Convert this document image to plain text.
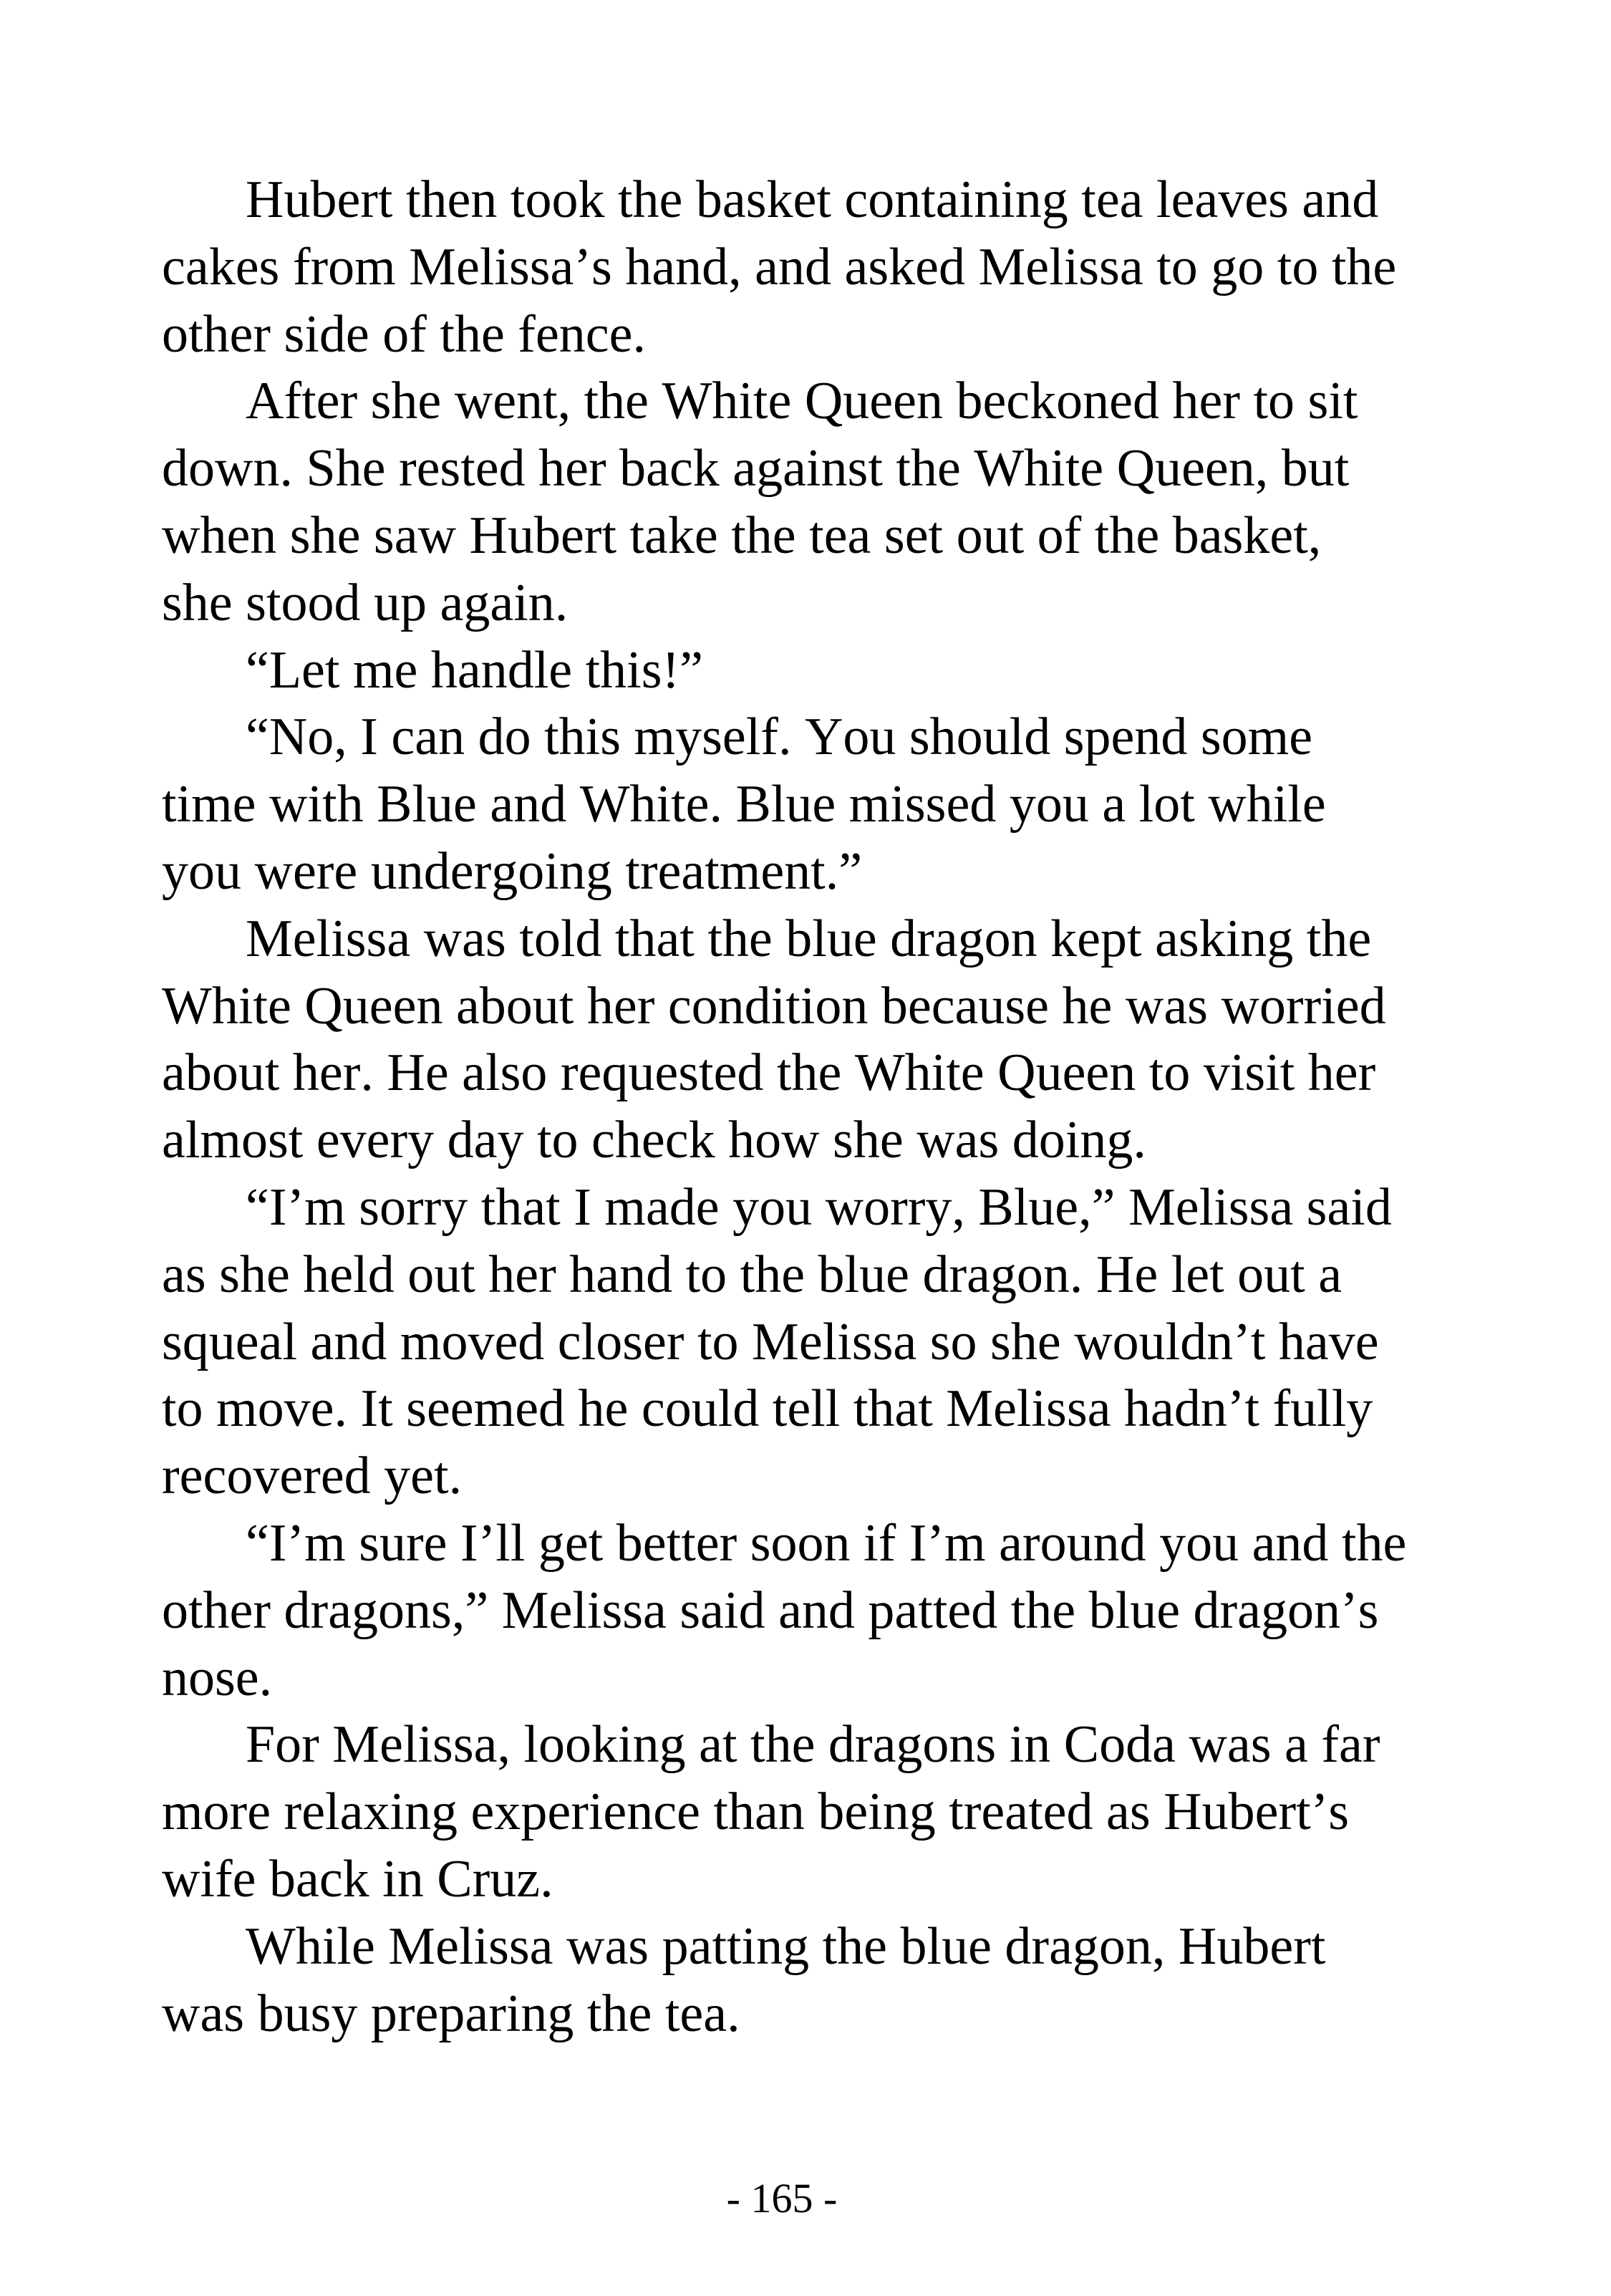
Hubert then took the basket containing tea leaves and
cakes from Melissa’s hand, and asked Melissa to go to the
other side of the fence.

After she went, the White Queen beckoned her to sit
down. She rested her back against the White Queen, but
when she saw Hubert take the tea set out of the basket,
she stood up again.

“Let me handle this!”

“No, I can do this myself. You should spend some
time with Blue and White. Blue missed you a lot while
you were undergoing treatment.”

Melissa was told that the blue dragon kept asking the
White Queen about her condition because he was worried
about her. He also requested the White Queen to visit her
almost every day to check how she was doing.

“I’m sorry that I made you worry, Blue,” Melissa said
as she held out her hand to the blue dragon. He let out a
squeal and moved closer to Melissa so she wouldn’t have
to move. It seemed he could tell that Melissa hadn’t fully
recovered yet.

“I’m sure I’ll get better soon if I’m around you and the
other dragons,” Melissa said and patted the blue dragon’s
nose.

For Melissa, looking at the dragons in Coda was a far
more relaxing experience than being treated as Hubert’s
wife back in Cruz.

While Melissa was patting the blue dragon, Hubert
was busy preparing the tea.

- 165 -
